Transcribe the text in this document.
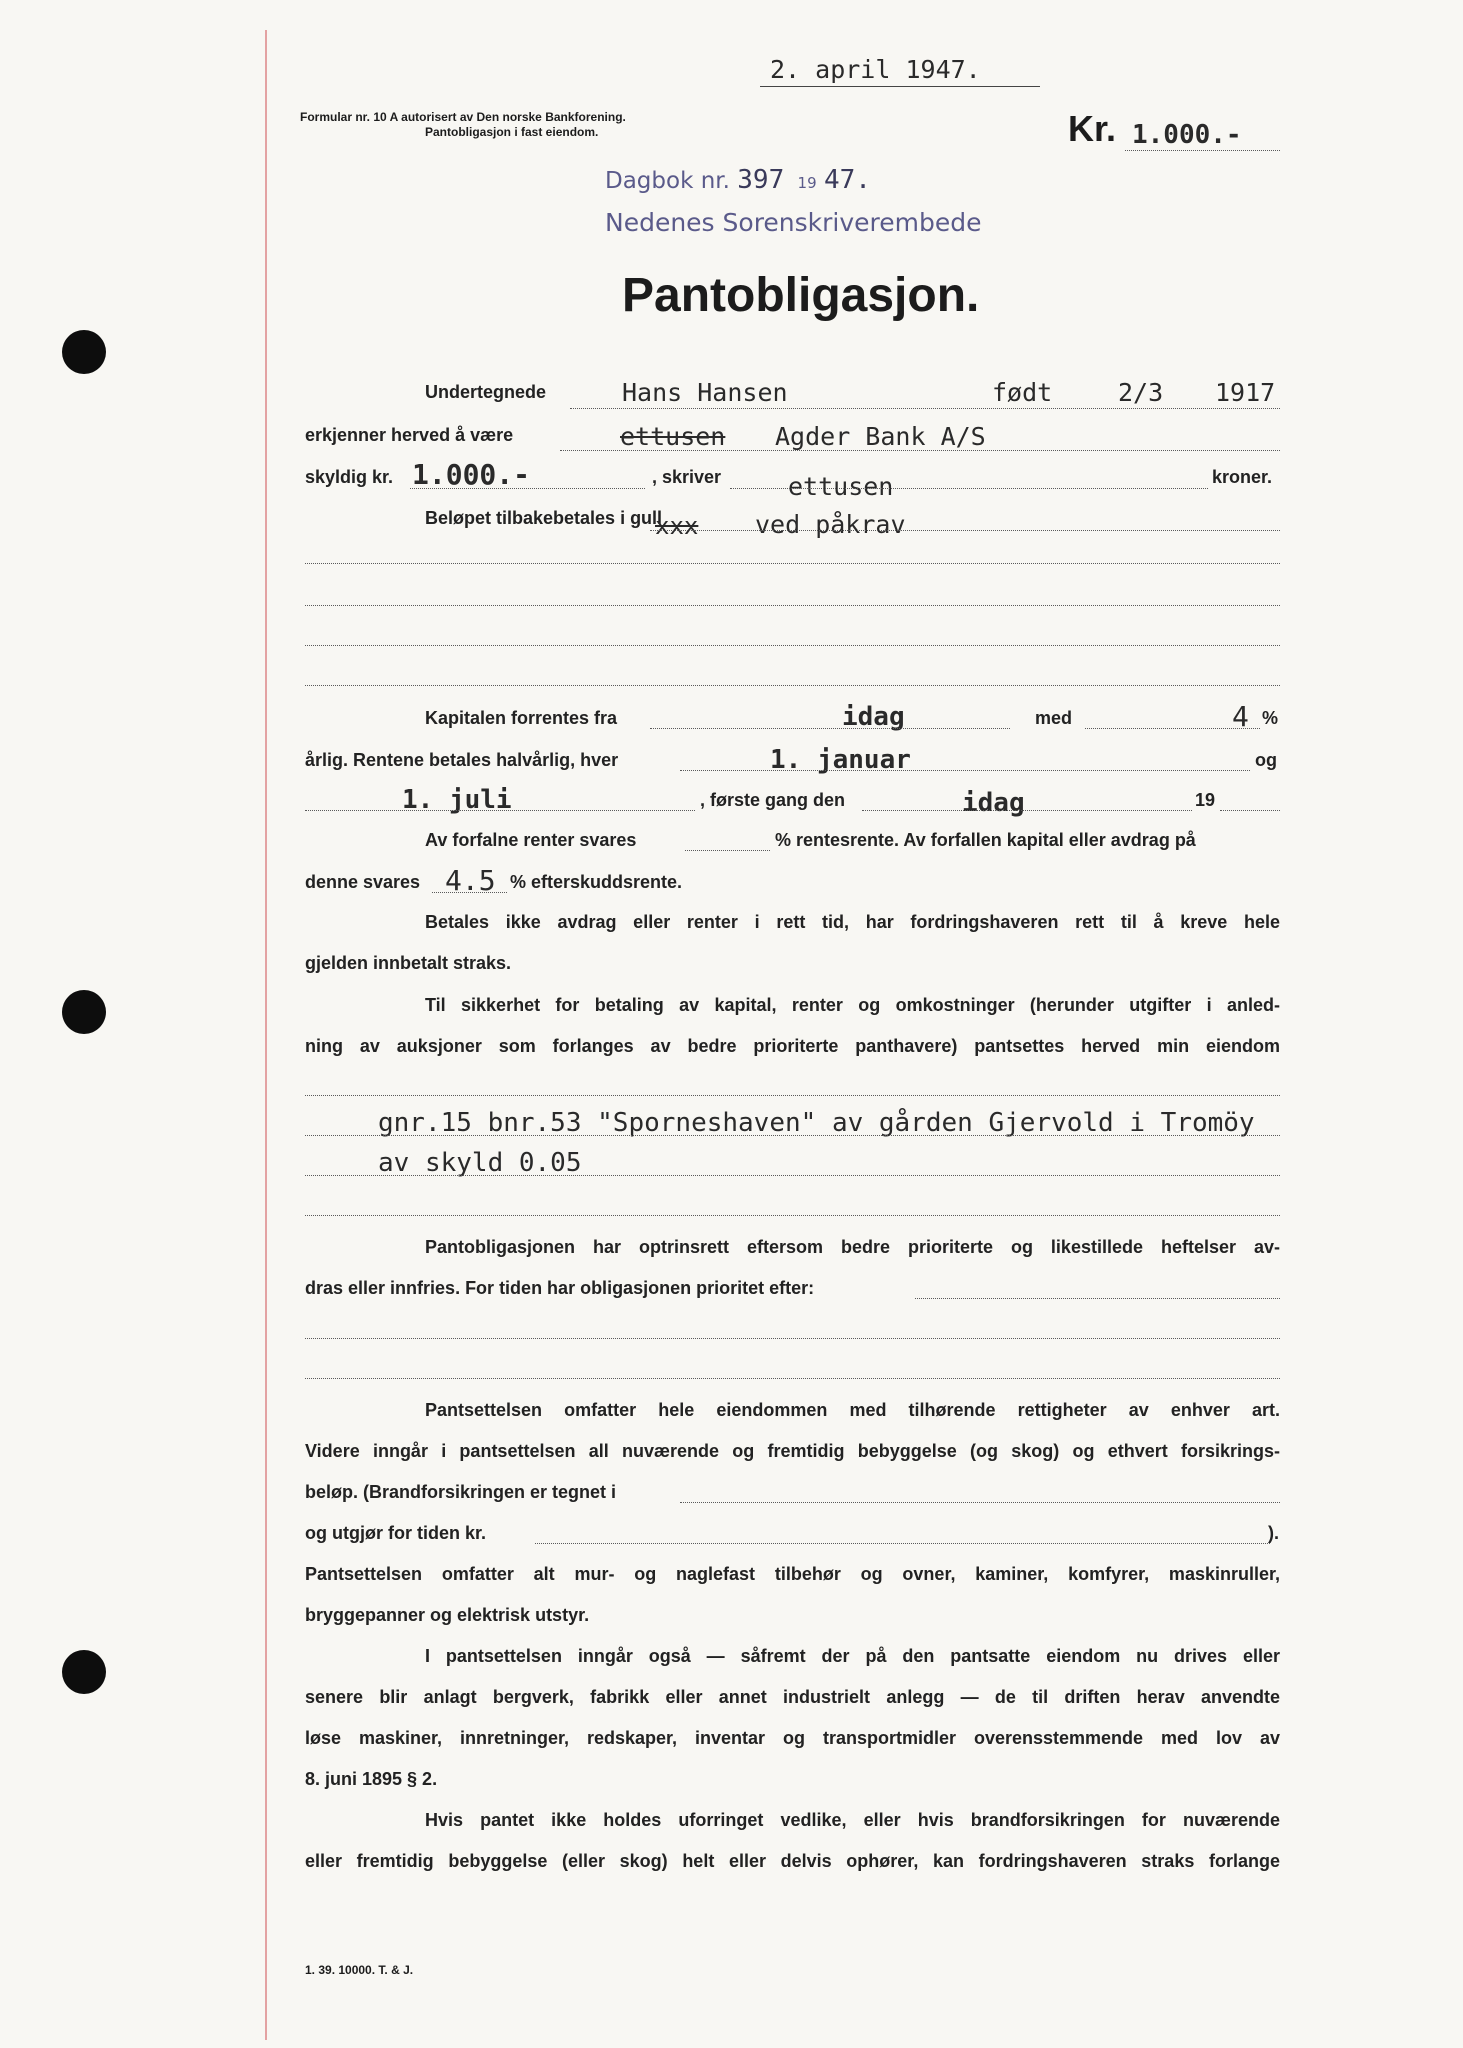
2. april 1947.
Formular nr. 10 A autorisert av Den norske Bankforening.
Pantobligasjon i fast eiendom.	Kr. 1.000.-
Dagbok nr. 397 19 47.
Nedenes Sorenskriverembede
Pantobligasjon.
Undertegnede	Hans Hansen	født	2/3 1917
erkjenner herved å være	ettusen Agder Bank A/S
skyldig kr. 1.000.-	, skriver	ettusen	kroner.
Beløpet tilbakebetales i gull
xxx ved påkrav
Kapitalen forrentes fra	idag	med	4 %
årlig. Rentene betales halvårlig, hver	1. januar	og
1. juli	, første gang den	idag	19
Av forfalne renter svares	% rentesrente. Av forfallen kapital eller avdrag på
denne svares 4.5 % efterskuddsrente.
Betales ikke avdrag eller renter i rett tid, har fordringshaveren rett til å kreve hele
gjelden innbetalt straks.
Til sikkerhet for betaling av kapital, renter og omkostninger (herunder utgifter i anled-
ning av auksjoner som forlanges av bedre prioriterte panthavere) pantsettes herved min eiendom
gnr.15 bnr.53 "Sporneshaven" av gården Gjervold i Tromöy
av skyld 0.05
Pantobligasjonen har optrinsrett eftersom bedre prioriterte og likestillede heftelser av-
dras eller innfries. For tiden har obligasjonen prioritet efter:
Pantsettelsen omfatter hele eiendommen med tilhørende rettigheter av enhver art.
Videre inngår i pantsettelsen all nuværende og fremtidig bebyggelse (og skog) og ethvert forsikrings-
beløp. (Brandforsikringen er tegnet i
og utgjør for tiden kr.	).
Pantsettelsen omfatter alt mur- og naglefast tilbehør og ovner, kaminer, komfyrer, maskinruller,
bryggepanner og elektrisk utstyr.
I pantsettelsen inngår også — såfremt der på den pantsatte eiendom nu drives eller
senere blir anlagt bergverk, fabrikk eller annet industrielt anlegg — de til driften herav anvendte
løse maskiner, innretninger, redskaper, inventar og transportmidler overensstemmende med lov av
8. juni 1895 § 2.
Hvis pantet ikke holdes uforringet vedlike, eller hvis brandforsikringen for nuværende
eller fremtidig bebyggelse (eller skog) helt eller delvis ophører, kan fordringshaveren straks forlange
1. 39. 10000. T. & J.
